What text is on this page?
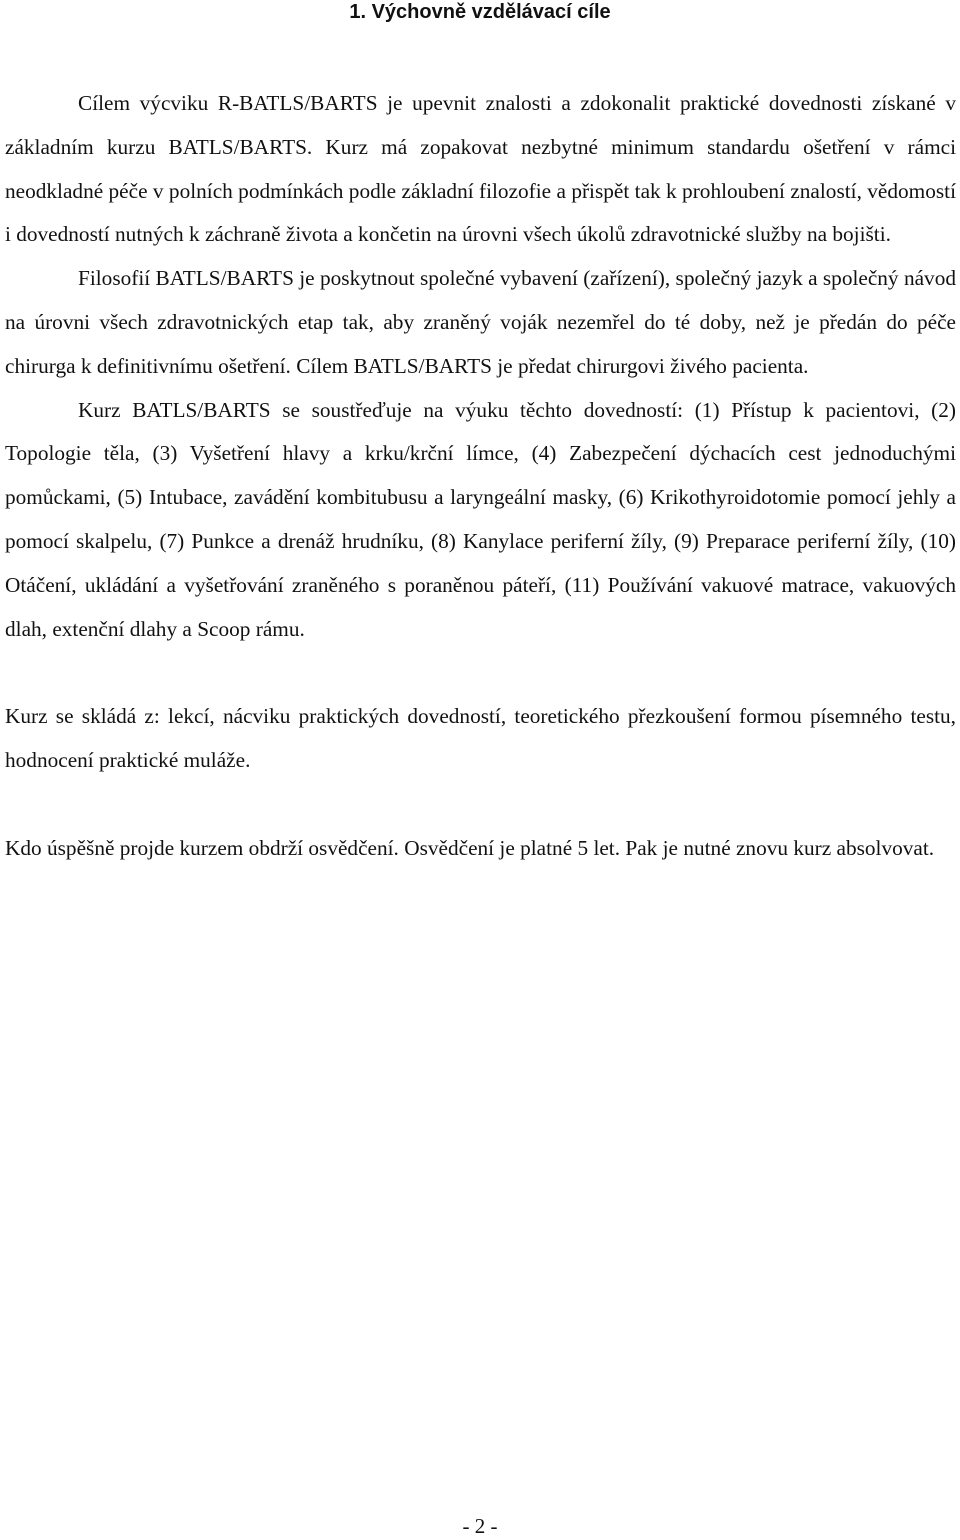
1. Výchovně vzdělávací cíle

Cílem výcviku R-BATLS/BARTS je upevnit znalosti a zdokonalit praktické dovednosti získané v základním kurzu BATLS/BARTS. Kurz má zopakovat nezbytné minimum standardu ošetření v rámci neodkladné péče v polních podmínkách podle základní filozofie a přispět tak k prohloubení znalostí, vědomostí i dovedností nutných k záchraně života a končetin na úrovni všech úkolů zdravotnické služby na bojišti.

Filosofií BATLS/BARTS je poskytnout společné vybavení (zařízení), společný jazyk a společný návod na úrovni všech zdravotnických etap tak, aby zraněný voják nezemřel do té doby, než je předán do péče chirurga k definitivnímu ošetření. Cílem BATLS/BARTS je předat chirurgovi živého pacienta.

Kurz BATLS/BARTS se soustřeďuje na výuku těchto dovedností: (1) Přístup k pacientovi, (2) Topologie těla, (3) Vyšetření hlavy a krku/krční límce, (4) Zabezpečení dýchacích cest jednoduchými pomůckami, (5) Intubace, zavádění kombitubusu a laryngeální masky, (6) Krikothyroidotomie pomocí jehly a pomocí skalpelu, (7) Punkce a drenáž hrudníku, (8) Kanylace periferní žíly, (9) Preparace periferní žíly, (10) Otáčení, ukládání a vyšetřování zraněného s poraněnou páteří, (11) Používání vakuové matrace, vakuových dlah, extenční dlahy a Scoop rámu.

Kurz se skládá z: lekcí, nácviku praktických dovedností, teoretického přezkoušení formou písemného testu, hodnocení praktické mulážе.

Kdo úspěšně projde kurzem obdrží osvědčení. Osvědčení je platné 5 let. Pak je nutné znovu kurz absolvovat.

- 2 -
